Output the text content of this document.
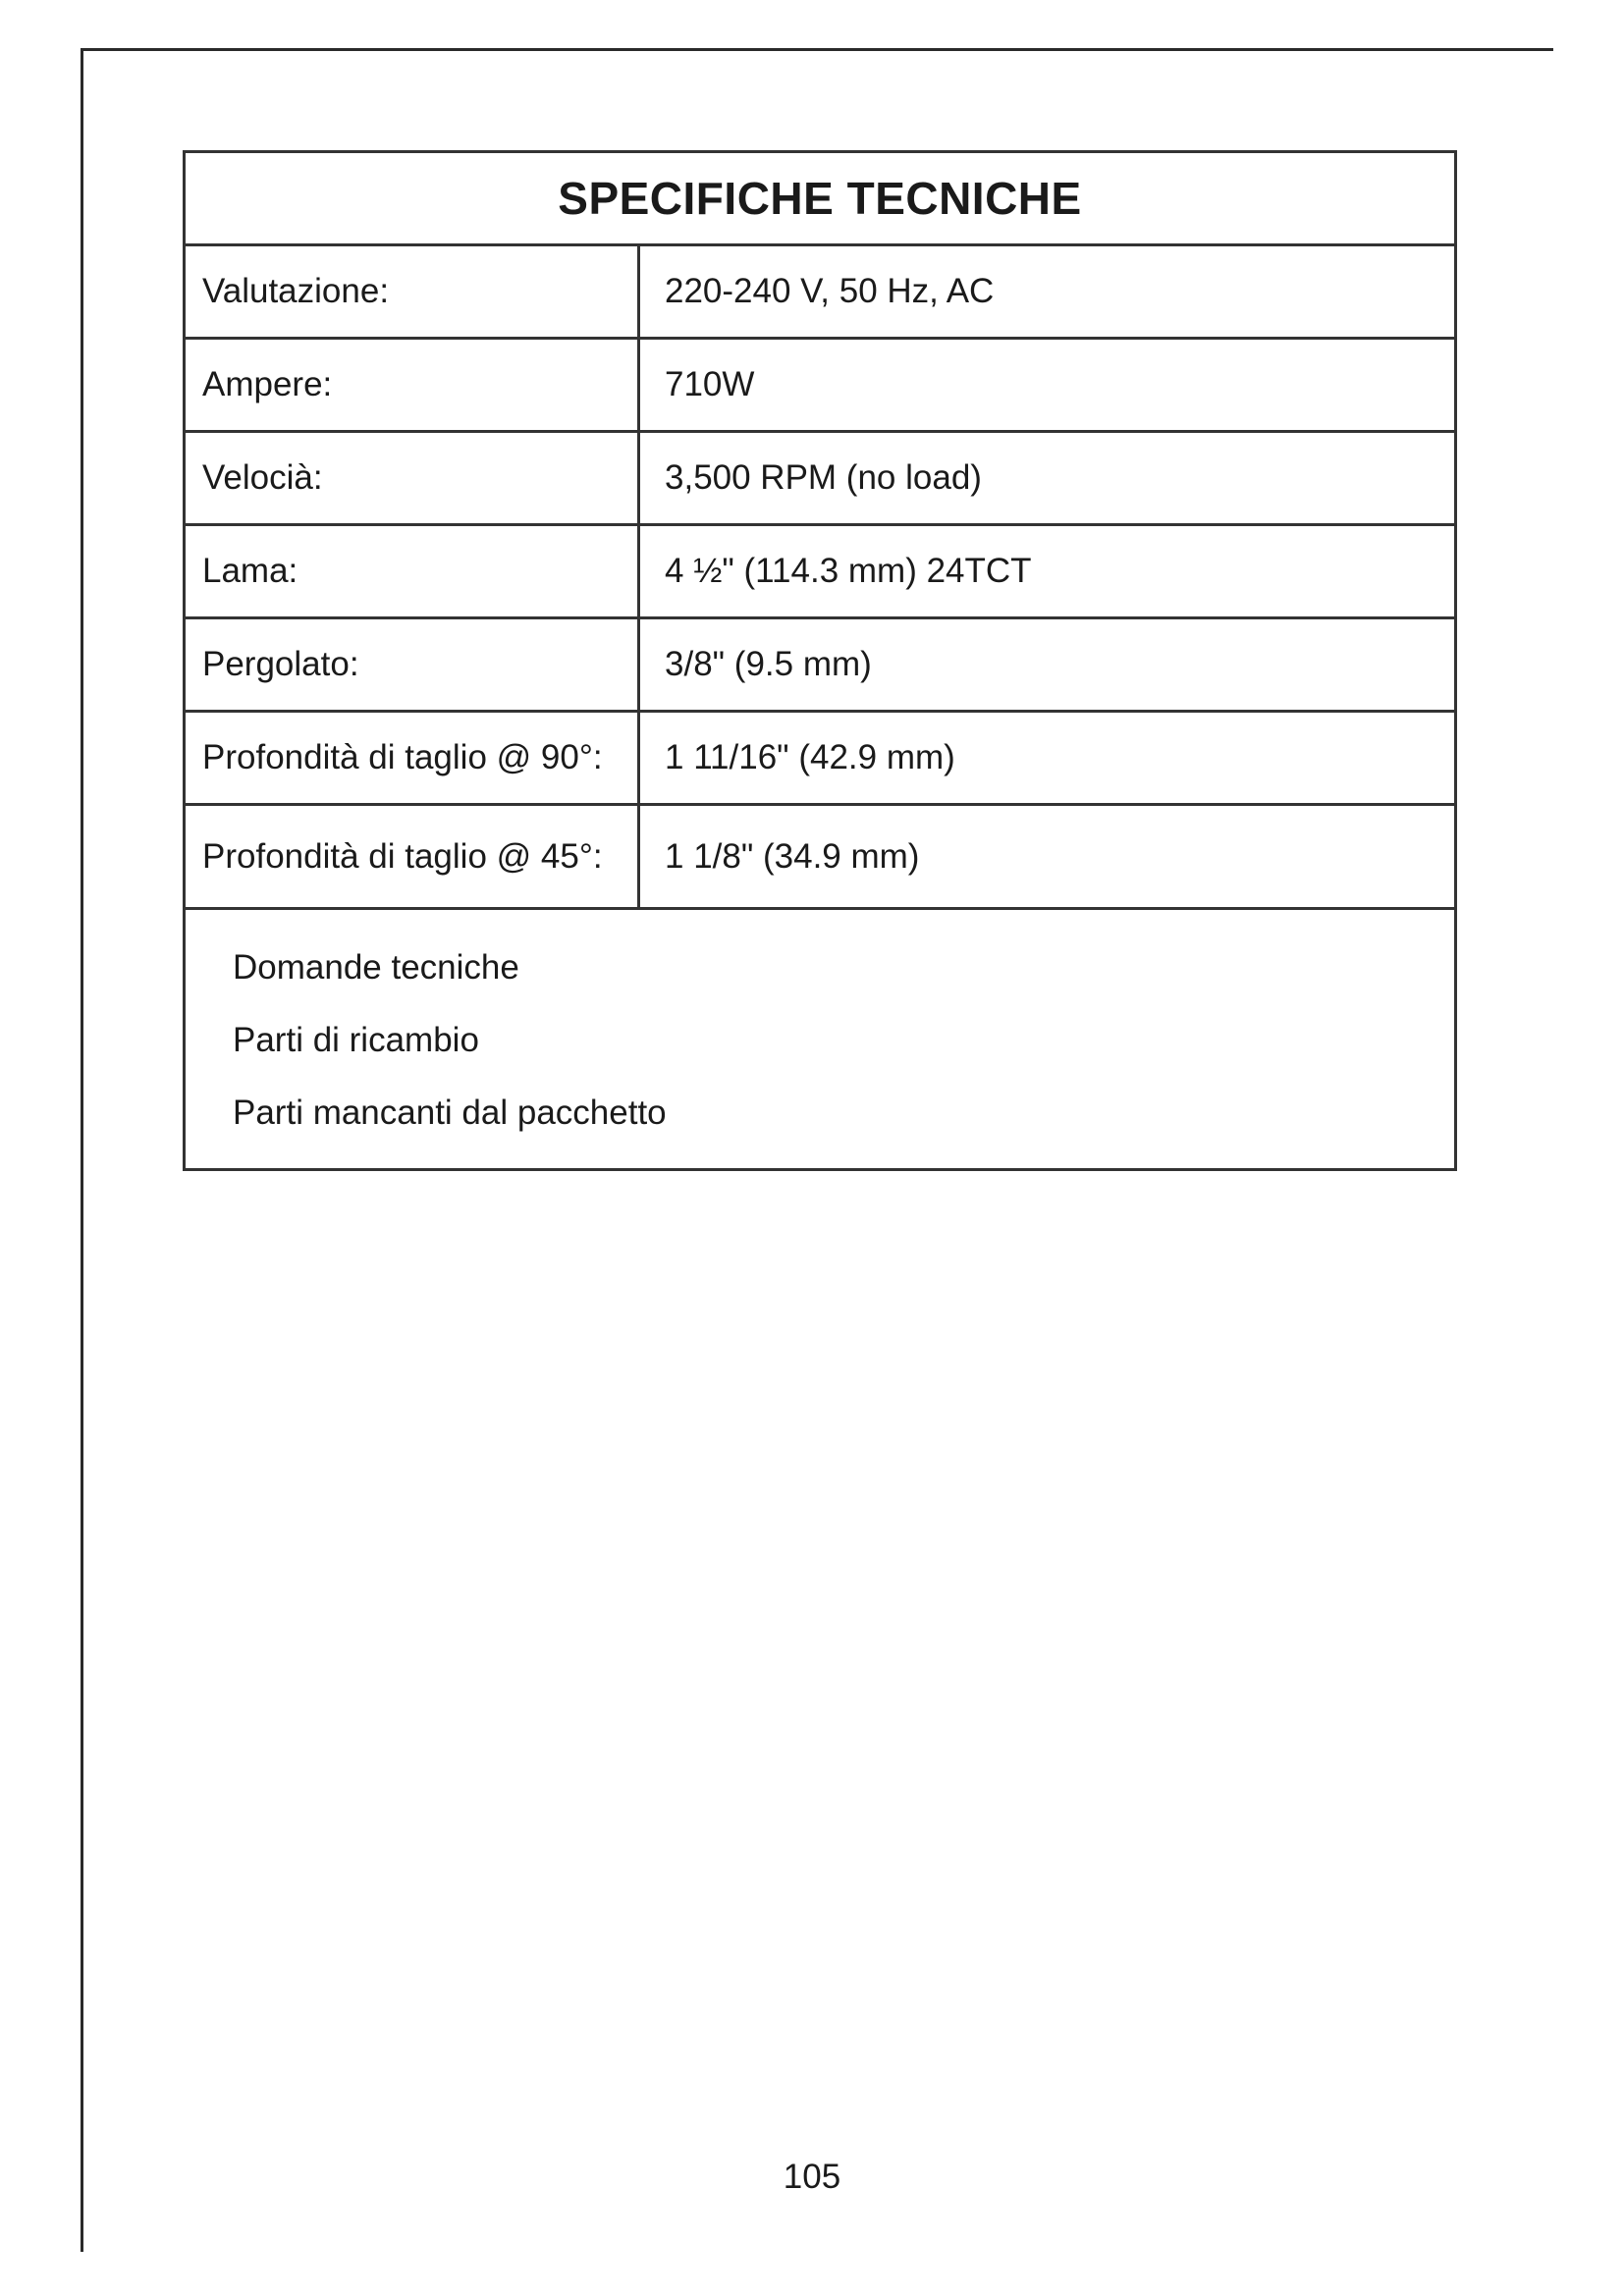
SPECIFICHE TECNICHE
Valutazione:	220-240 V, 50 Hz, AC
Ampere:	710W
Velocià:	3,500 RPM (no load)
Lama:	4 ½" (114.3 mm) 24TCT
Pergolato:	3/8" (9.5 mm)
Profondità di taglio @ 90°:	1 11/16" (42.9 mm)
Profondità di taglio @ 45°:	1 1/8" (34.9 mm)
Domande tecniche
Parti di ricambio
Parti mancanti dal pacchetto
105
